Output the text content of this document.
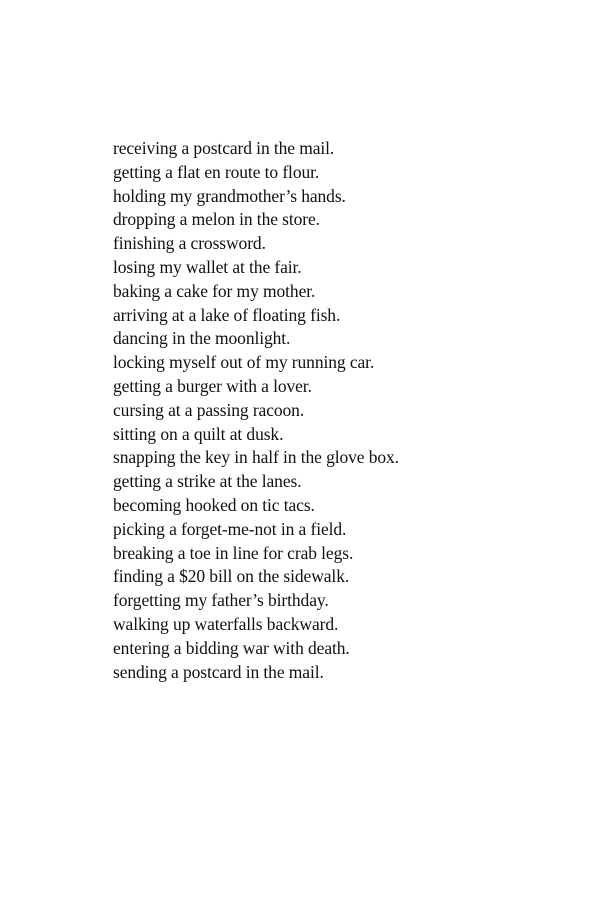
receiving a postcard in the mail.
getting a flat en route to flour.
holding my grandmother’s hands.
dropping a melon in the store.
finishing a crossword.
losing my wallet at the fair.
baking a cake for my mother.
arriving at a lake of floating fish.
dancing in the moonlight.
locking myself out of my running car.
getting a burger with a lover.
cursing at a passing racoon.
sitting on a quilt at dusk.
snapping the key in half in the glove box.
getting a strike at the lanes.
becoming hooked on tic tacs.
picking a forget-me-not in a field.
breaking a toe in line for crab legs.
finding a $20 bill on the sidewalk.
forgetting my father’s birthday.
walking up waterfalls backward.
entering a bidding war with death.
sending a postcard in the mail.
